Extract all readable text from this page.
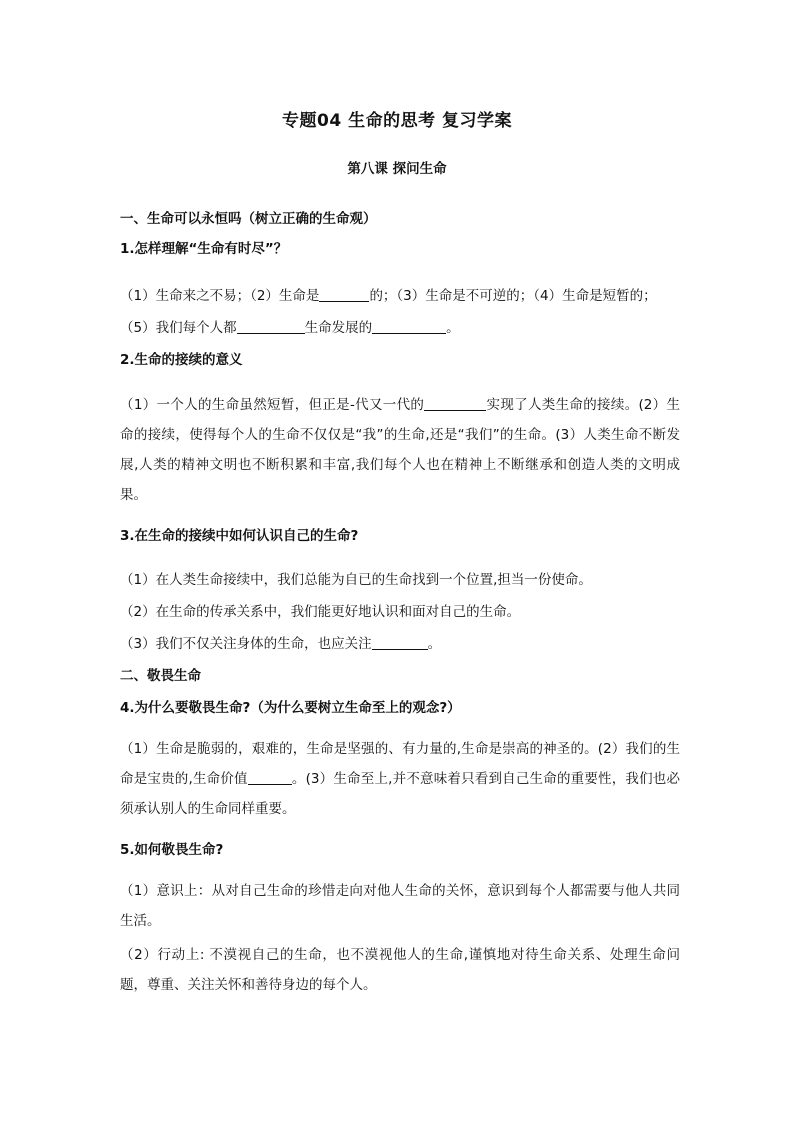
专题04 生命的思考 复习学案
第八课 探问生命
一、生命可以永恒吗（树立正确的生命观）
1.怎样理解“生命有时尽”？
（1）生命来之不易；（2）生命是	的；（3）生命是不可逆的；（4）生命是短暂的；
（5）我们每个人都	生命发展的	。
2.生命的接续的意义
（1）一个人的生命虽然短暂，但正是-代又一代的	实现了人类生命的接续。(2）生命的接续，使得每个人的生命不仅仅是“我”的生命,还是“我们”的生命。(3）人类生命不断发展,人类的精神文明也不断积累和丰富,我们每个人也在精神上不断继承和创造人类的文明成果。
3.在生命的接续中如何认识自己的生命?
（1）在人类生命接续中，我们总能为自已的生命找到一个位置,担当一份使命。
（2）在生命的传承关系中，我们能更好地认识和面对自己的生命。
（3）我们不仅关注身体的生命，也应关注	。
二、敬畏生命
4.为什么要敬畏生命?（为什么要树立生命至上的观念?）
（1）生命是脆弱的，艰难的，生命是坚强的、有力量的,生命是崇高的神圣的。(2）我们的生命是宝贵的,生命价值	。(3）生命至上,并不意味着只看到自己生命的重要性，我们也必须承认别人的生命同样重要。
5.如何敬畏生命?
（1）意识上：从对自己生命的珍惜走向对他人生命的关怀，意识到每个人都需要与他人共同生活。
（2）行动上: 不漠视自己的生命，也不漠视他人的生命,谨慎地对待生命关系、处理生命问题，尊重、关注关怀和善待身边的每个人。
